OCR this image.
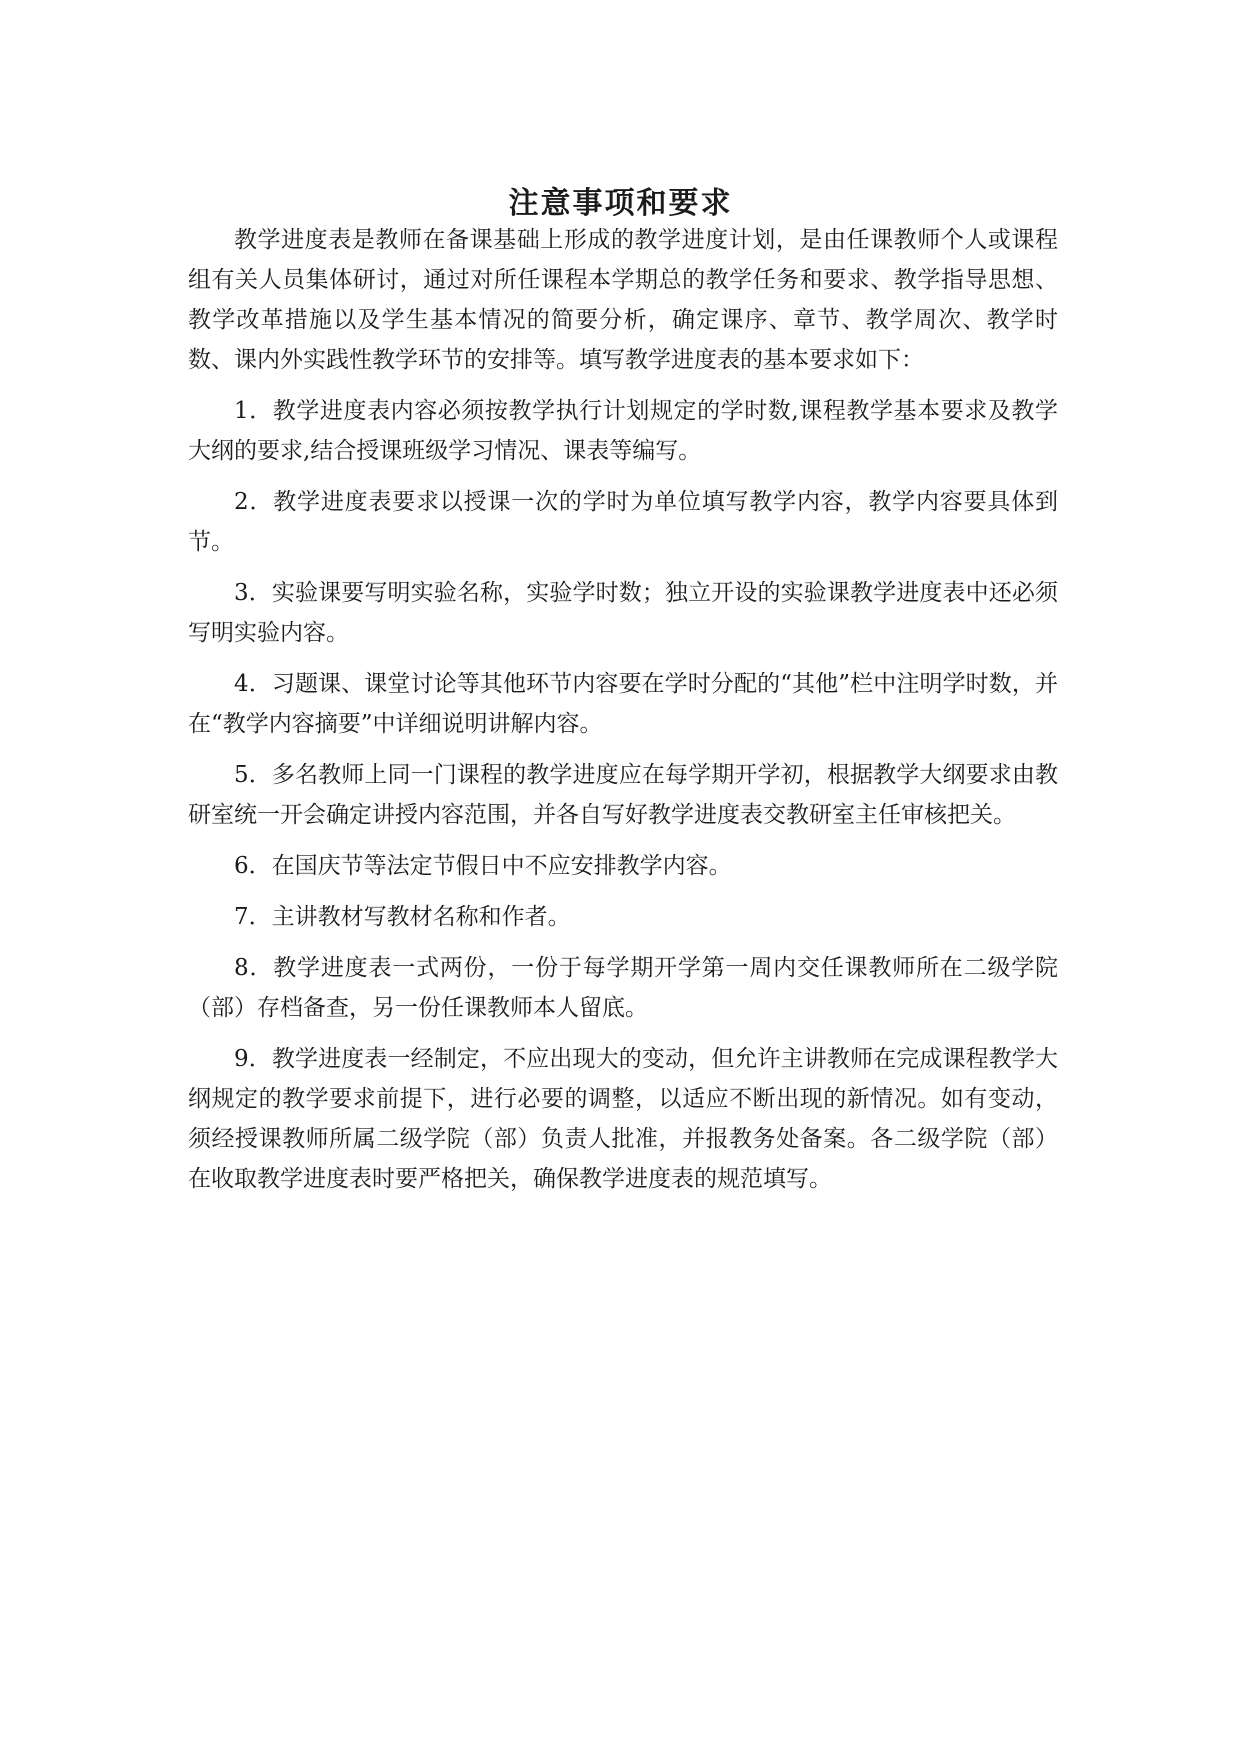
注意事项和要求

教学进度表是教师在备课基础上形成的教学进度计划，是由任课教师个人或课程组有关人员集体研讨，通过对所任课程本学期总的教学任务和要求、教学指导思想、教学改革措施以及学生基本情况的简要分析，确定课序、章节、教学周次、教学时数、课内外实践性教学环节的安排等。填写教学进度表的基本要求如下：

1．教学进度表内容必须按教学执行计划规定的学时数,课程教学基本要求及教学大纲的要求,结合授课班级学习情况、课表等编写。

2．教学进度表要求以授课一次的学时为单位填写教学内容，教学内容要具体到节。

3．实验课要写明实验名称，实验学时数；独立开设的实验课教学进度表中还必须写明实验内容。

4．习题课、课堂讨论等其他环节内容要在学时分配的“其他”栏中注明学时数，并在“教学内容摘要”中详细说明讲解内容。

5．多名教师上同一门课程的教学进度应在每学期开学初，根据教学大纲要求由教研室统一开会确定讲授内容范围，并各自写好教学进度表交教研室主任审核把关。

6．在国庆节等法定节假日中不应安排教学内容。

7．主讲教材写教材名称和作者。

8．教学进度表一式两份，一份于每学期开学第一周内交任课教师所在二级学院（部）存档备查，另一份任课教师本人留底。

9．教学进度表一经制定，不应出现大的变动，但允许主讲教师在完成课程教学大纲规定的教学要求前提下，进行必要的调整，以适应不断出现的新情况。如有变动，须经授课教师所属二级学院（部）负责人批准，并报教务处备案。各二级学院（部）在收取教学进度表时要严格把关，确保教学进度表的规范填写。
